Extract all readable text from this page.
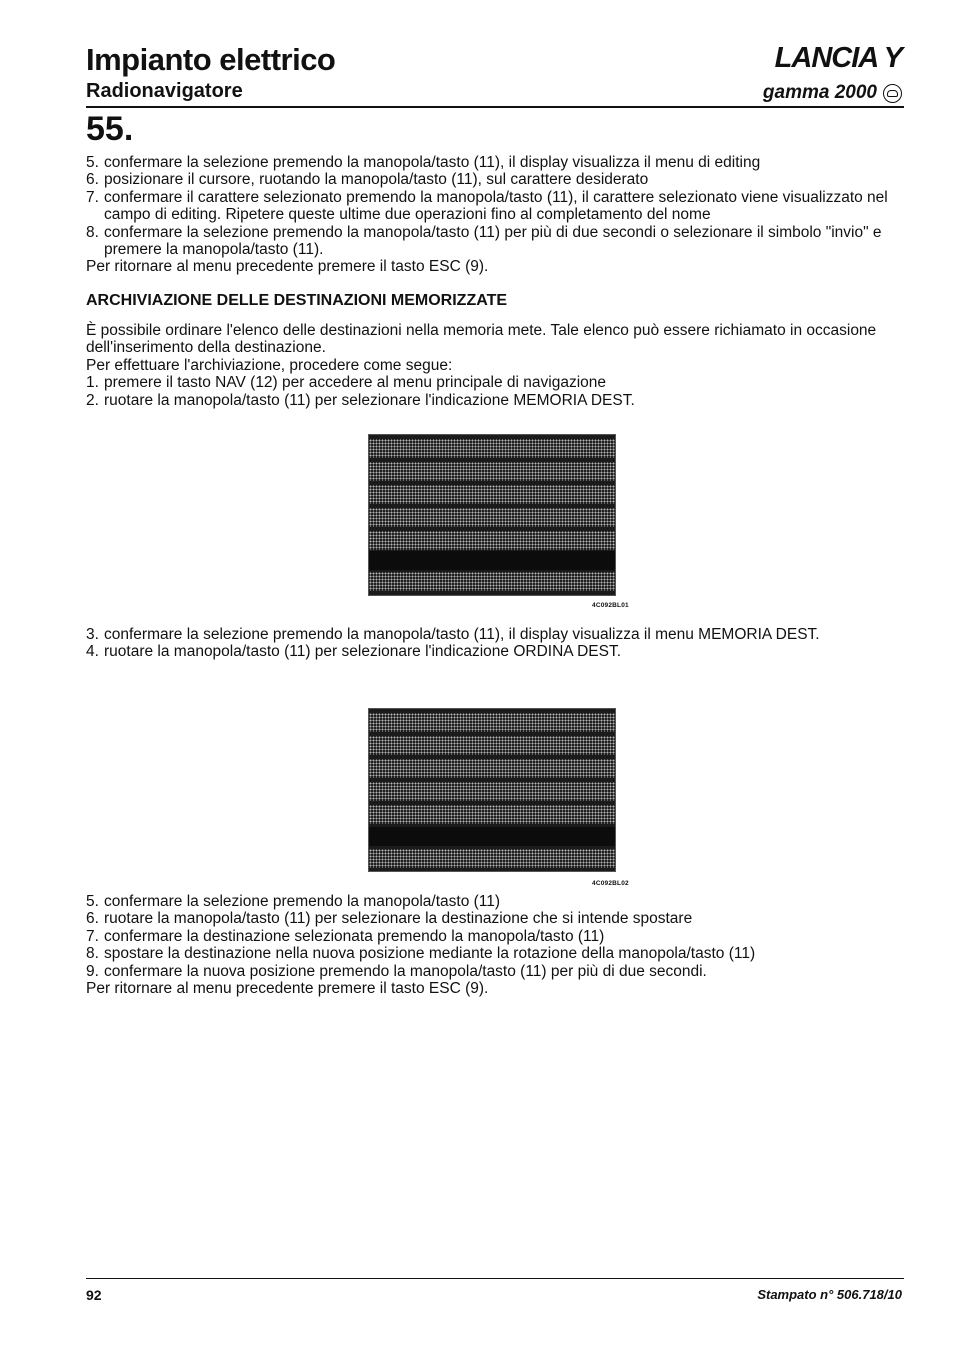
Impianto elettrico
Radionavigatore
LANCIA Y
gamma 2000
55.
5. confermare la selezione premendo la manopola/tasto (11), il display visualizza il menu di editing
6. posizionare il cursore, ruotando la manopola/tasto (11), sul carattere desiderato
7. confermare il carattere selezionato premendo la manopola/tasto (11), il carattere selezionato viene visualizzato nel campo di editing. Ripetere queste ultime due operazioni fino al completamento del nome
8. confermare la selezione premendo la manopola/tasto (11) per più di due secondi o selezionare il simbolo "invio" e premere la manopola/tasto (11).
Per ritornare al menu precedente premere il tasto ESC (9).
ARCHIVIAZIONE DELLE DESTINAZIONI MEMORIZZATE
È possibile ordinare l'elenco delle destinazioni nella memoria mete. Tale elenco può essere richiamato in occasione dell'inserimento della destinazione.
Per effettuare l'archiviazione, procedere come segue:
1. premere il tasto NAV (12) per accedere al menu principale di navigazione
2. ruotare la manopola/tasto (11) per selezionare l'indicazione MEMORIA DEST.
4C092BL01
3. confermare la selezione premendo la manopola/tasto (11), il display visualizza il menu MEMORIA DEST.
4. ruotare la manopola/tasto (11) per selezionare l'indicazione ORDINA DEST.
4C092BL02
5. confermare la selezione premendo la manopola/tasto (11)
6. ruotare la manopola/tasto (11) per selezionare la destinazione che si intende spostare
7. confermare la destinazione selezionata premendo la manopola/tasto (11)
8. spostare la destinazione nella nuova posizione mediante la rotazione della manopola/tasto (11)
9. confermare la nuova posizione premendo la manopola/tasto (11) per più di due secondi.
Per ritornare al menu precedente premere il tasto ESC (9).
92	Stampato n° 506.718/10
